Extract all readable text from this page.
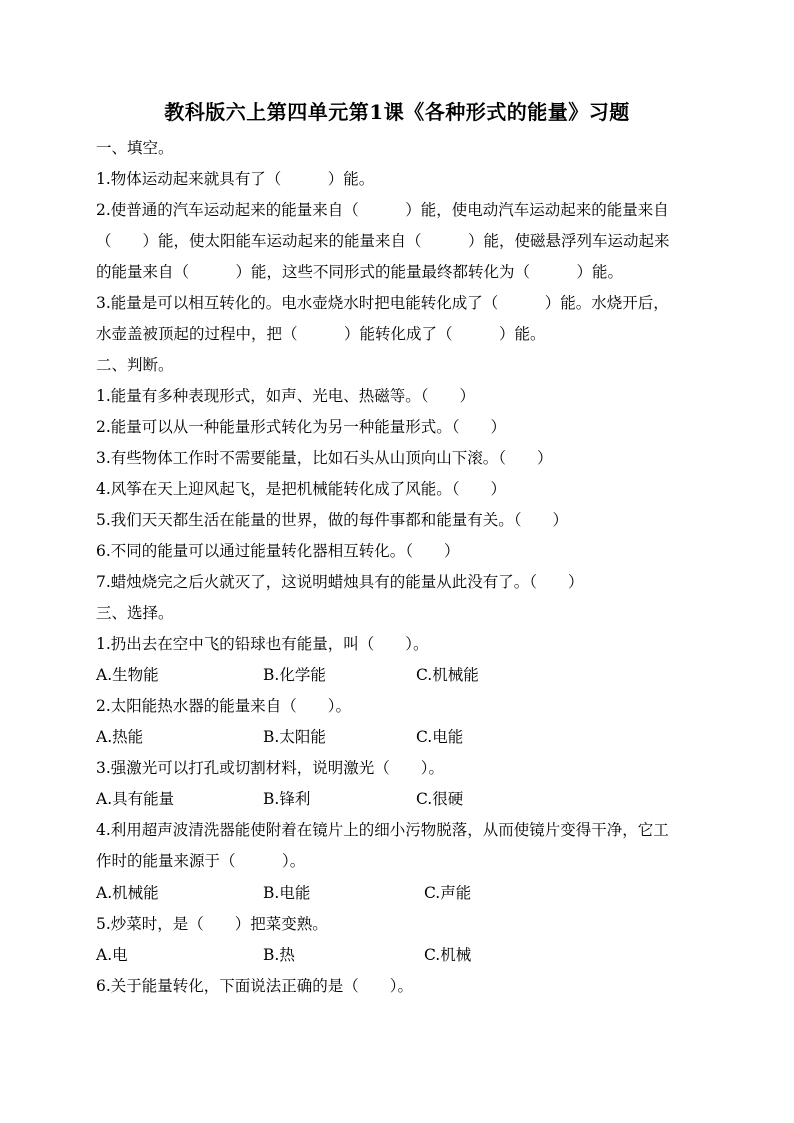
教科版六上第四单元第1课《各种形式的能量》习题
一、填空。
1.物体运动起来就具有了（　　　）能。
2.使普通的汽车运动起来的能量来自（　　　）能，使电动汽车运动起来的能量来自
（　　）能，使太阳能车运动起来的能量来自（　　　）能，使磁悬浮列车运动起来
的能量来自（　　　）能，这些不同形式的能量最终都转化为（　　　）能。
3.能量是可以相互转化的。电水壶烧水时把电能转化成了（　　　）能。水烧开后，
水壶盖被顶起的过程中，把（　　　）能转化成了（　　　）能。
二、判断。
1.能量有多种表现形式，如声、光电、热磁等。（　　）
2.能量可以从一种能量形式转化为另一种能量形式。（　　）
3.有些物体工作时不需要能量，比如石头从山顶向山下滚。（　　）
4.风筝在天上迎风起飞，是把机械能转化成了风能。（　　）
5.我们天天都生活在能量的世界，做的每件事都和能量有关。（　　）
6.不同的能量可以通过能量转化器相互转化。（　　）
7.蜡烛烧完之后火就灭了，这说明蜡烛具有的能量从此没有了。（　　）
三、选择。
1.扔出去在空中飞的铅球也有能量，叫（　　）。
A.生物能	B.化学能	C.机械能
2.太阳能热水器的能量来自（　　）。
A.热能	B.太阳能	C.电能
3.强激光可以打孔或切割材料，说明激光（　　）。
A.具有能量	B.锋利	C.很硬
4.利用超声波清洗器能使附着在镜片上的细小污物脱落，从而使镜片变得干净，它工
作时的能量来源于（　　　）。
A.机械能	B.电能	C.声能
5.炒菜时，是（　　）把菜变熟。
A.电	B.热	C.机械
6.关于能量转化，下面说法正确的是（　　）。
